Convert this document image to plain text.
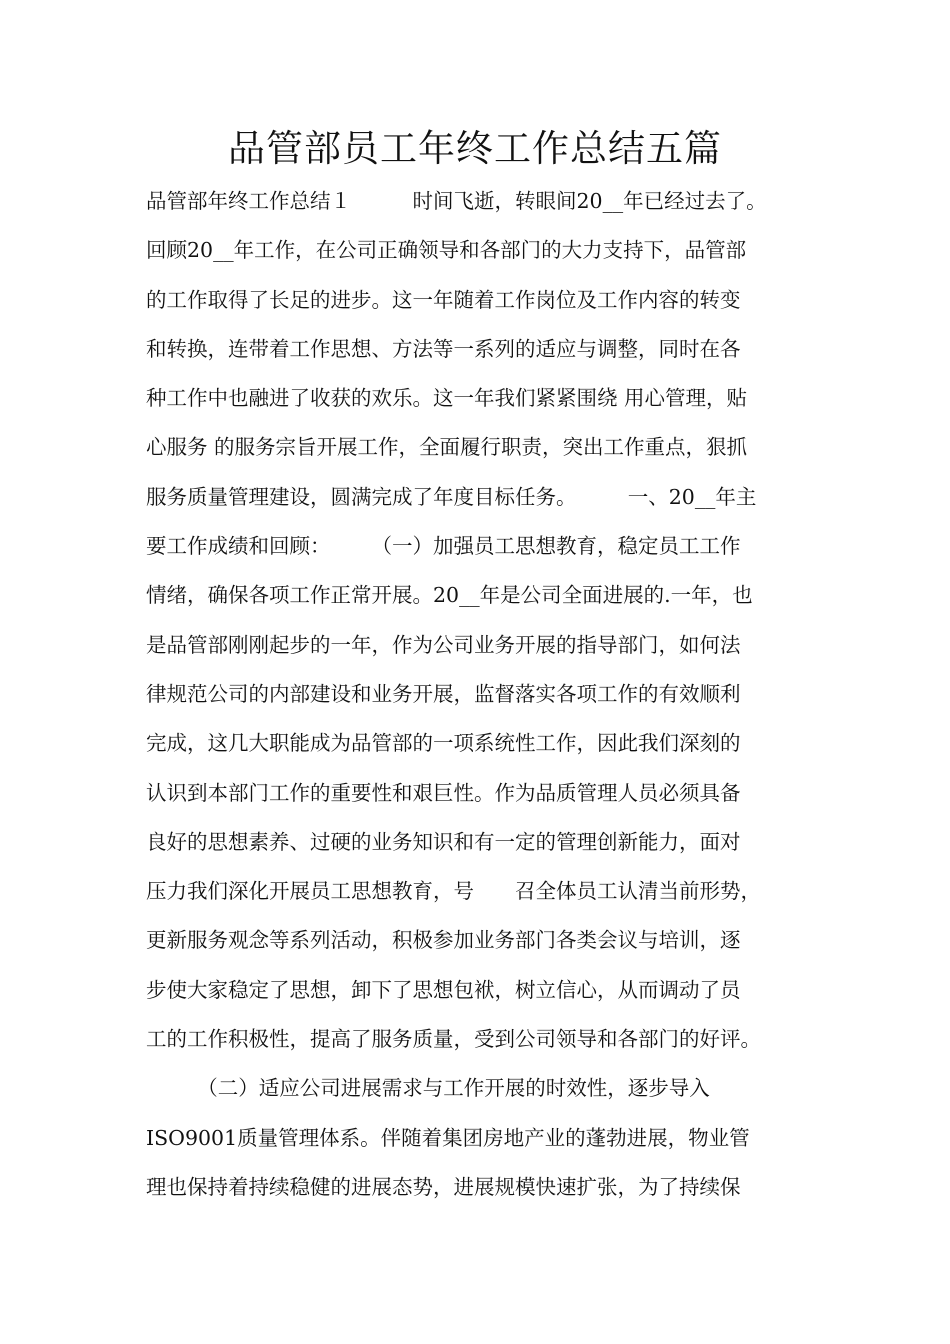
品管部员工年终工作总结五篇
品管部年终工作总结１　　　时间飞逝，转眼间20__年已经过去了。
回顾20__年工作，在公司正确领导和各部门的大力支持下，品管部
的工作取得了长足的进步。这一年随着工作岗位及工作内容的转变
和转换，连带着工作思想、方法等一系列的适应与调整，同时在各
种工作中也融进了收获的欢乐。这一年我们紧紧围绕 用心管理，贴
心服务 的服务宗旨开展工作，全面履行职责，突出工作重点，狠抓
服务质量管理建设，圆满完成了年度目标任务。　　　一、20__年主
要工作成绩和回顾：　　　（一）加强员工思想教育，稳定员工工作
情绪，确保各项工作正常开展。20__年是公司全面进展的.一年，也
是品管部刚刚起步的一年，作为公司业务开展的指导部门，如何法
律规范公司的内部建设和业务开展，监督落实各项工作的有效顺利
完成，这几大职能成为品管部的一项系统性工作，因此我们深刻的
认识到本部门工作的重要性和艰巨性。作为品质管理人员必须具备
良好的思想素养、过硬的业务知识和有一定的管理创新能力，面对
压力我们深化开展员工思想教育，号　　召全体员工认清当前形势，
更新服务观念等系列活动，积极参加业务部门各类会议与培训，逐
步使大家稳定了思想，卸下了思想包袱，树立信心，从而调动了员
工的工作积极性，提高了服务质量，受到公司领导和各部门的好评。
　　　（二）适应公司进展需求与工作开展的时效性，逐步导入
ISO9001质量管理体系。伴随着集团房地产业的蓬勃进展，物业管
理也保持着持续稳健的进展态势，进展规模快速扩张，为了持续保
